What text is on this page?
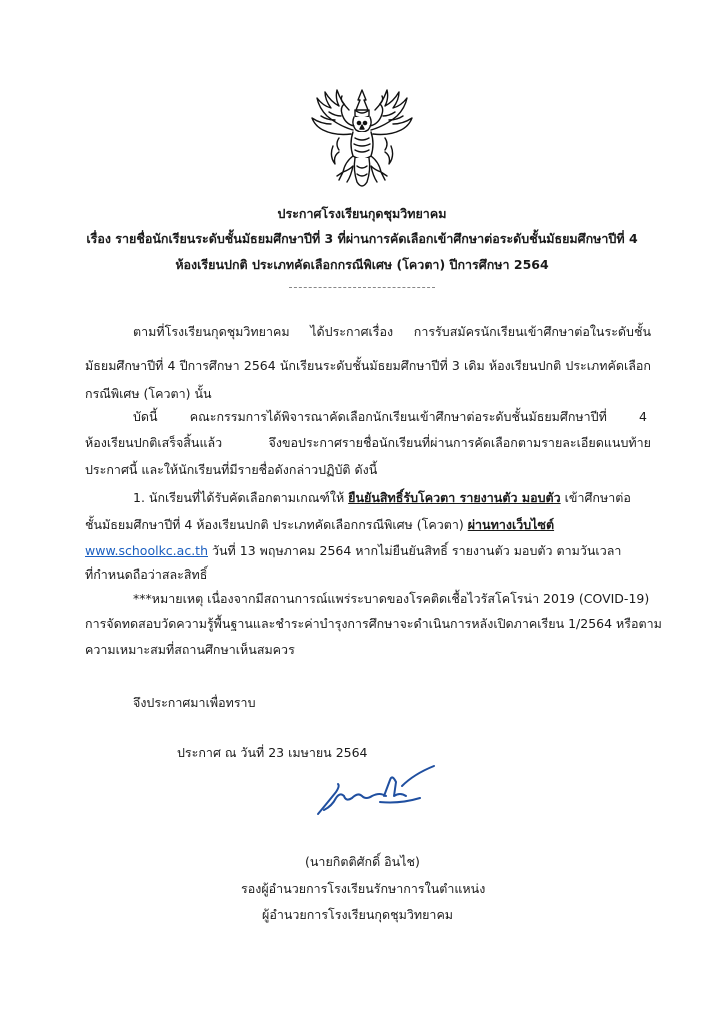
ประกาศโรงเรียนกุดชุมวิทยาคม
เรื่อง รายชื่อนักเรียนระดับชั้นมัธยมศึกษาปีที่ 3 ที่ผ่านการคัดเลือกเข้าศึกษาต่อระดับชั้นมัธยมศึกษาปีที่ 4
ห้องเรียนปกติ ประเภทคัดเลือกกรณีพิเศษ (โควตา) ปีการศึกษา 2564
ตามที่โรงเรียนกุดชุมวิทยาคม ได้ประกาศเรื่อง การรับสมัครนักเรียนเข้าศึกษาต่อในระดับชั้น
มัธยมศึกษาปีที่ 4 ปีการศึกษา 2564 นักเรียนระดับชั้นมัธยมศึกษาปีที่ 3 เดิม ห้องเรียนปกติ ประเภทคัดเลือก
กรณีพิเศษ (โควตา) นั้น
บัดนี้ คณะกรรมการได้พิจารณาคัดเลือกนักเรียนเข้าศึกษาต่อระดับชั้นมัธยมศึกษาปีที่ 4
ห้องเรียนปกติเสร็จสิ้นแล้ว จึงขอประกาศรายชื่อนักเรียนที่ผ่านการคัดเลือกตามรายละเอียดแนบท้าย
ประกาศนี้ และให้นักเรียนที่มีรายชื่อดังกล่าวปฏิบัติ ดังนี้
1. นักเรียนที่ได้รับคัดเลือกตามเกณฑ์ให้ ยืนยันสิทธิ์รับโควตา รายงานตัว มอบตัว เข้าศึกษาต่อ
ชั้นมัธยมศึกษาปีที่ 4 ห้องเรียนปกติ ประเภทคัดเลือกกรณีพิเศษ (โควตา) ผ่านทางเว็บไซต์
www.schoolkc.ac.th วันที่ 13 พฤษภาคม 2564 หากไม่ยืนยันสิทธิ์ รายงานตัว มอบตัว ตามวันเวลา
ที่กำหนดถือว่าสละสิทธิ์
***หมายเหตุ เนื่องจากมีสถานการณ์แพร่ระบาดของโรคติดเชื้อไวรัสโคโรน่า 2019 (COVID-19)
การจัดทดสอบวัดความรู้พื้นฐานและชำระค่าบำรุงการศึกษาจะดำเนินการหลังเปิดภาคเรียน 1/2564 หรือตาม
ความเหมาะสมที่สถานศึกษาเห็นสมควร
จึงประกาศมาเพื่อทราบ
ประกาศ ณ วันที่ 23 เมษายน 2564
(นายกิตติศักดิ์ อินไช)
รองผู้อำนวยการโรงเรียนรักษาการในตำแหน่ง
ผู้อำนวยการโรงเรียนกุดชุมวิทยาคม
